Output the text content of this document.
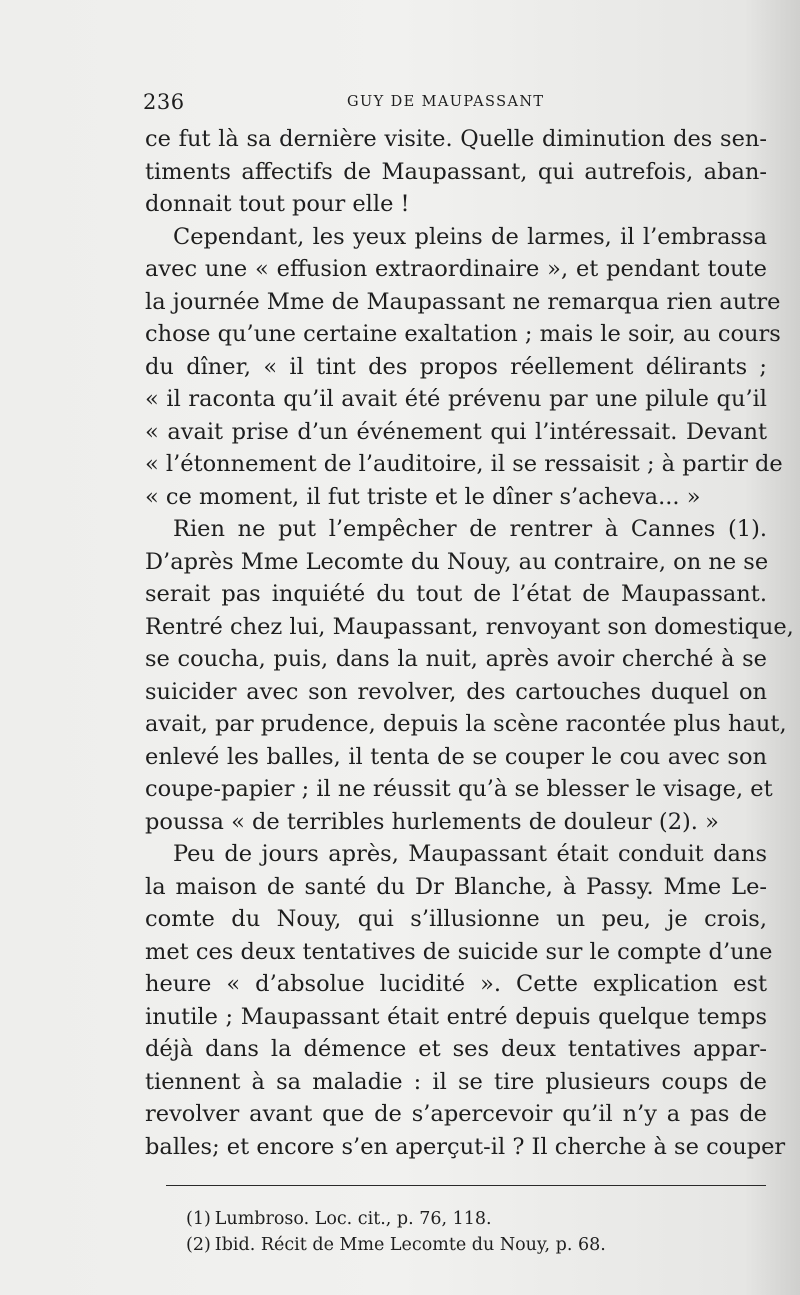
236	GUY DE MAUPASSANT
ce fut là sa dernière visite. Quelle diminution des sen-
timents affectifs de Maupassant, qui autrefois, aban-
donnait tout pour elle !
Cependant, les yeux pleins de larmes, il l’embrassa
avec une « effusion extraordinaire », et pendant toute
la journée Mme de Maupassant ne remarqua rien autre
chose qu’une certaine exaltation ; mais le soir, au cours
du dîner, « il tint des propos réellement délirants ;
« il raconta qu’il avait été prévenu par une pilule qu’il
« avait prise d’un événement qui l’intéressait. Devant
« l’étonnement de l’auditoire, il se ressaisit ; à partir de
« ce moment, il fut triste et le dîner s’acheva... »
Rien ne put l’empêcher de rentrer à Cannes (1).
D’après Mme Lecomte du Nouy, au contraire, on ne se
serait pas inquiété du tout de l’état de Maupassant.
Rentré chez lui, Maupassant, renvoyant son domestique,
se coucha, puis, dans la nuit, après avoir cherché à se
suicider avec son revolver, des cartouches duquel on
avait, par prudence, depuis la scène racontée plus haut,
enlevé les balles, il tenta de se couper le cou avec son
coupe-papier ; il ne réussit qu’à se blesser le visage, et
poussa « de terribles hurlements de douleur (2). »
Peu de jours après, Maupassant était conduit dans
la maison de santé du Dr Blanche, à Passy. Mme Le-
comte du Nouy, qui s’illusionne un peu, je crois,
met ces deux tentatives de suicide sur le compte d’une
heure « d’absolue lucidité ». Cette explication est
inutile ; Maupassant était entré depuis quelque temps
déjà dans la démence et ses deux tentatives appar-
tiennent à sa maladie : il se tire plusieurs coups de
revolver avant que de s’apercevoir qu’il n’y a pas de
balles; et encore s’en aperçut-il ? Il cherche à se couper
(1) Lumbroso. Loc. cit., p. 76, 118.
(2) Ibid. Récit de Mme Lecomte du Nouy, p. 68.
